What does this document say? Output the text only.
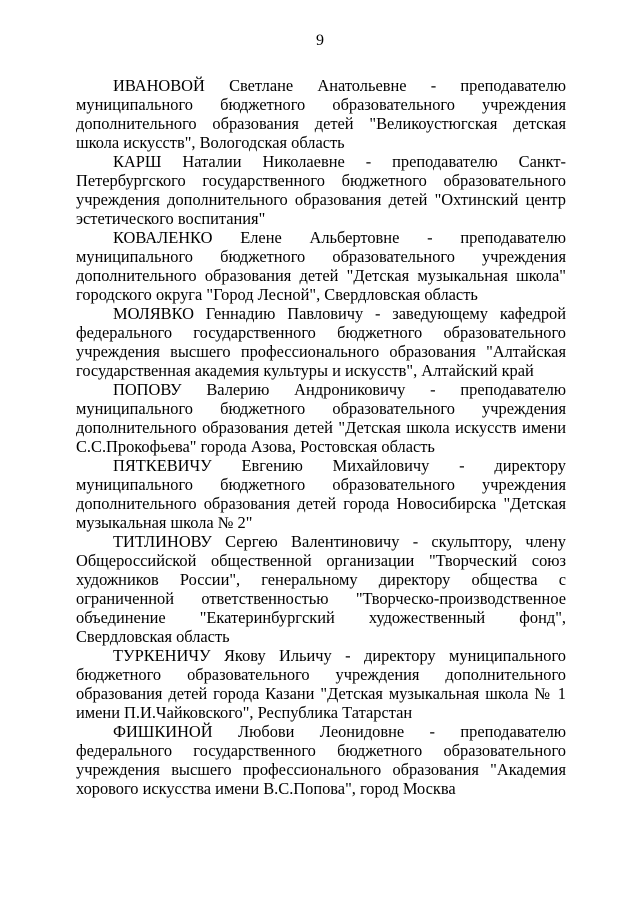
9

ИВАНОВОЙ Светлане Анатольевне - преподавателю муниципального бюджетного образовательного учреждения дополнительного образования детей "Великоустюгская детская школа искусств", Вологодская область

КАРШ Наталии Николаевне - преподавателю Санкт-Петербургского государственного бюджетного образовательного учреждения дополнительного образования детей "Охтинский центр эстетического воспитания"

КОВАЛЕНКО Елене Альбертовне - преподавателю муниципального бюджетного образовательного учреждения дополнительного образования детей "Детская музыкальная школа" городского округа "Город Лесной", Свердловская область

МОЛЯВКО Геннадию Павловичу - заведующему кафедрой федерального государственного бюджетного образовательного учреждения высшего профессионального образования "Алтайская государственная академия культуры и искусств", Алтайский край

ПОПОВУ Валерию Андрониковичу - преподавателю муниципального бюджетного образовательного учреждения дополнительного образования детей "Детская школа искусств имени С.С.Прокофьева" города Азова, Ростовская область

ПЯТКЕВИЧУ Евгению Михайловичу - директору муниципального бюджетного образовательного учреждения дополнительного образования детей города Новосибирска "Детская музыкальная школа № 2"

ТИТЛИНОВУ Сергею Валентиновичу - скульптору, члену Общероссийской общественной организации "Творческий союз художников России", генеральному директору общества с ограниченной ответственностью "Творческо-производственное объединение "Екатеринбургский художественный фонд", Свердловская область

ТУРКЕНИЧУ Якову Ильичу - директору муниципального бюджетного образовательного учреждения дополнительного образования детей города Казани "Детская музыкальная школа № 1 имени П.И.Чайковского", Республика Татарстан

ФИШКИНОЙ Любови Леонидовне - преподавателю федерального государственного бюджетного образовательного учреждения высшего профессионального образования "Академия хорового искусства имени В.С.Попова", город Москва
